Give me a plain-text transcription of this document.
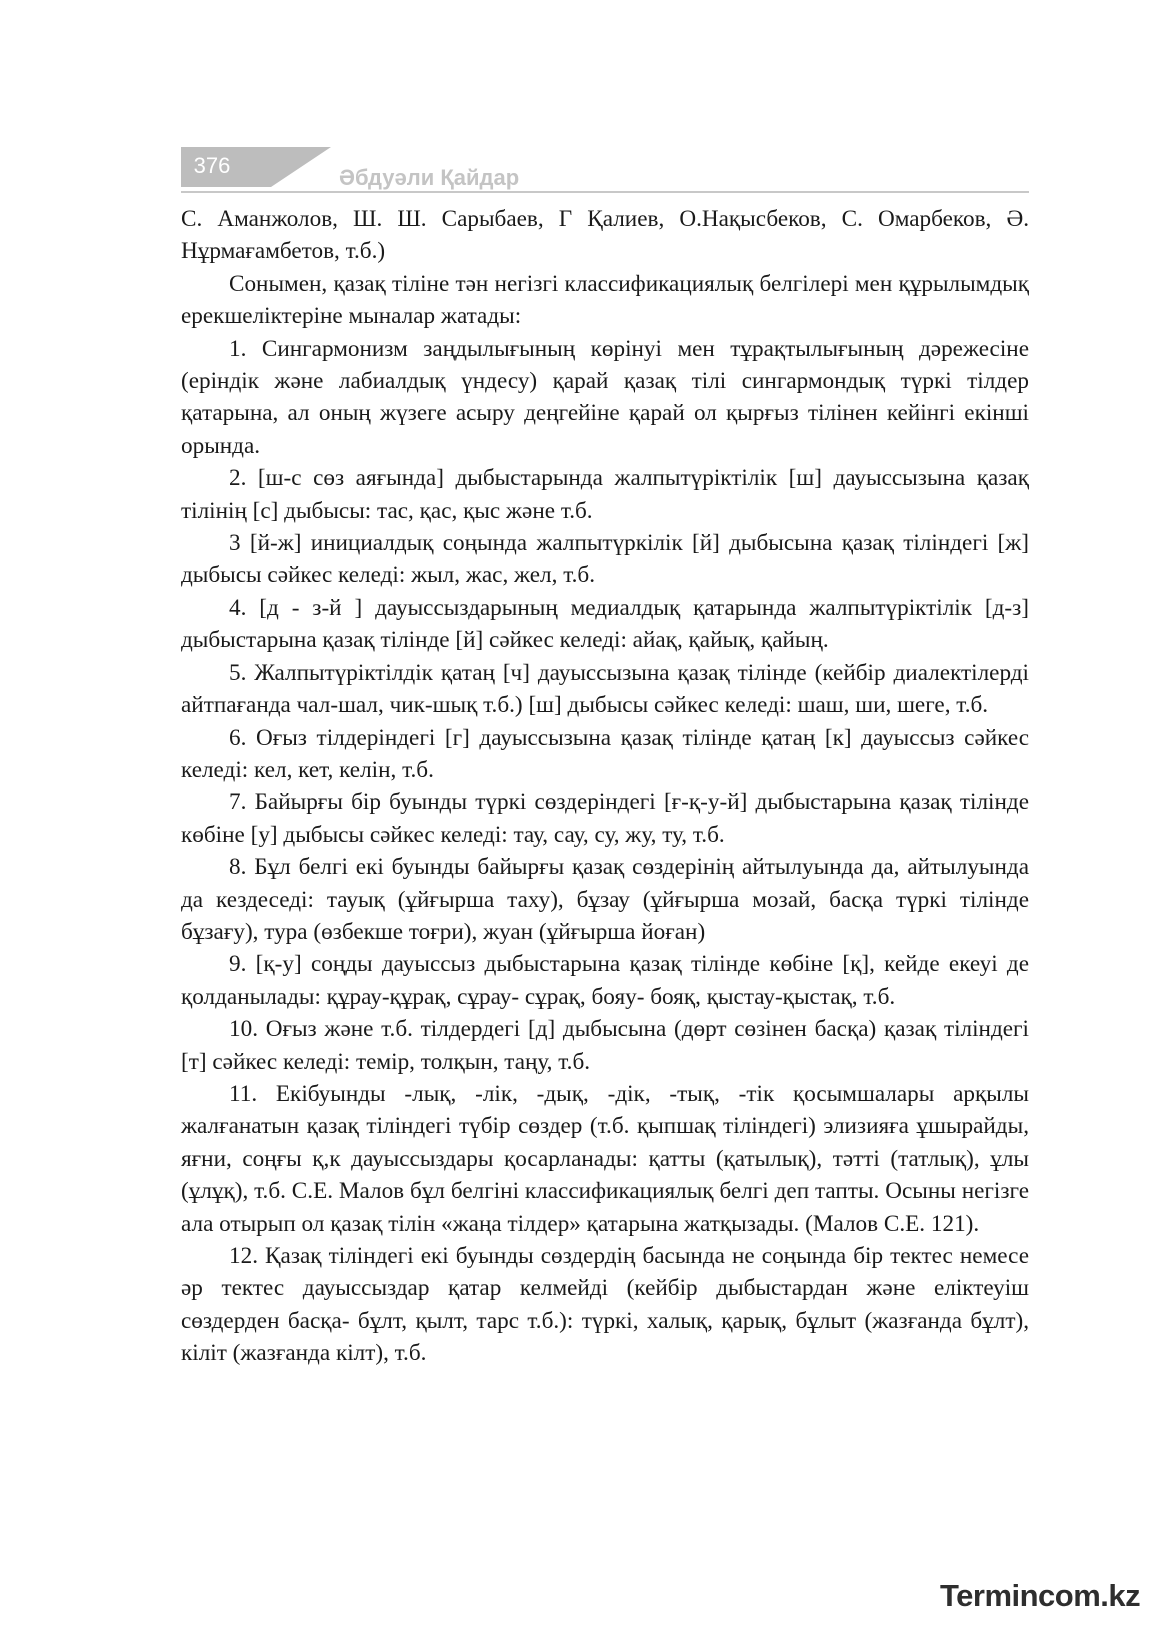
376	Әбдуәли Қайдар

С. Аманжолов, Ш. Ш. Сарыбаев, Г Қалиев, О.Нақысбеков, С. Омарбеков, Ә. Нұрмағамбетов, т.б.)

Сонымен, қазақ тіліне тән негізгі классификациялық белгілері мен құрылымдық ерекшеліктеріне мыналар жатады:

1. Сингармонизм заңдылығының көрінуі мен тұрақтылығының дәрежесіне (еріндік және лабиалдық үндесу) қарай қазақ тілі сингармондық түркі тілдер қатарына, ал оның жүзеге асыру деңгейіне қарай ол қырғыз тілінен кейінгі екінші орында.

2. [ш-с сөз аяғында] дыбыстарында жалпытүріктілік [ш] дауыссызына қазақ тілінің [с] дыбысы: тас, қас, қыс және т.б.

3 [й-ж] инициалдық соңында жалпытүркілік [й] дыбысына қазақ тіліндегі [ж] дыбысы сәйкес келеді: жыл, жас, жел, т.б.

4. [д - з-й ] дауыссыздарының медиалдық қатарында жалпытүріктілік [д-з] дыбыстарына қазақ тілінде [й] сәйкес келеді: айақ, қайық, қайың.

5. Жалпытүріктілдік қатаң [ч] дауыссызына қазақ тілінде (кейбір диалектілерді айтпағанда чал-шал, чик-шық т.б.) [ш] дыбысы сәйкес келеді: шаш, ши, шеге, т.б.

6. Оғыз тілдеріндегі [г] дауыссызына қазақ тілінде қатаң [к] дауыссыз сәйкес келеді: кел, кет, келін, т.б.

7. Байырғы бір буынды түркі сөздеріндегі [ғ-қ-у-й] дыбыстарына қазақ тілінде көбіне [у] дыбысы сәйкес келеді: тау, сау, су, жу, ту, т.б.

8. Бұл белгі екі буынды байырғы қазақ сөздерінің айтылуында да, айтылуында да кездеседі: тауық (ұйғырша таху), бұзау (ұйғырша мозай, басқа түркі тілінде бұзағу), тура (өзбекше тоғри), жуан (ұйғырша йоған)

9. [қ-у] соңды дауыссыз дыбыстарына қазақ тілінде көбіне [қ], кейде екеуі де қолданылады: құрау-құрақ, сұрау- сұрақ, бояу- бояқ, қыстау-қыстақ, т.б.

10. Оғыз және т.б. тілдердегі [д] дыбысына (дөрт сөзінен басқа) қазақ тіліндегі [т] сәйкес келеді: темір, толқын, таңу, т.б.

11. Екібуынды -лық, -лік, -дық, -дік, -тық, -тік қосымшалары арқылы жалғанатын қазақ тіліндегі түбір сөздер (т.б. қыпшақ тіліндегі) элизияға ұшырайды, яғни, соңғы қ,к дауыссыздары қосарланады: қатты (қатылық), тәтті (татлық), ұлы (ұлұқ), т.б. С.Е. Малов бұл белгіні классификациялық белгі деп тапты. Осыны негізге ала отырып ол қазақ тілін «жаңа тілдер» қатарына жатқызады. (Малов С.Е. 121).

12. Қазақ тіліндегі екі буынды сөздердің басында не соңында бір тектес немесе әр тектес дауыссыздар қатар келмейді (кейбір дыбыстардан және еліктеуіш сөздерден басқа- бұлт, қылт, тарс т.б.): түркі, халық, қарық, бұлыт (жазғанда бұлт), кіліт (жазғанда кілт), т.б.

Termincom.kz
